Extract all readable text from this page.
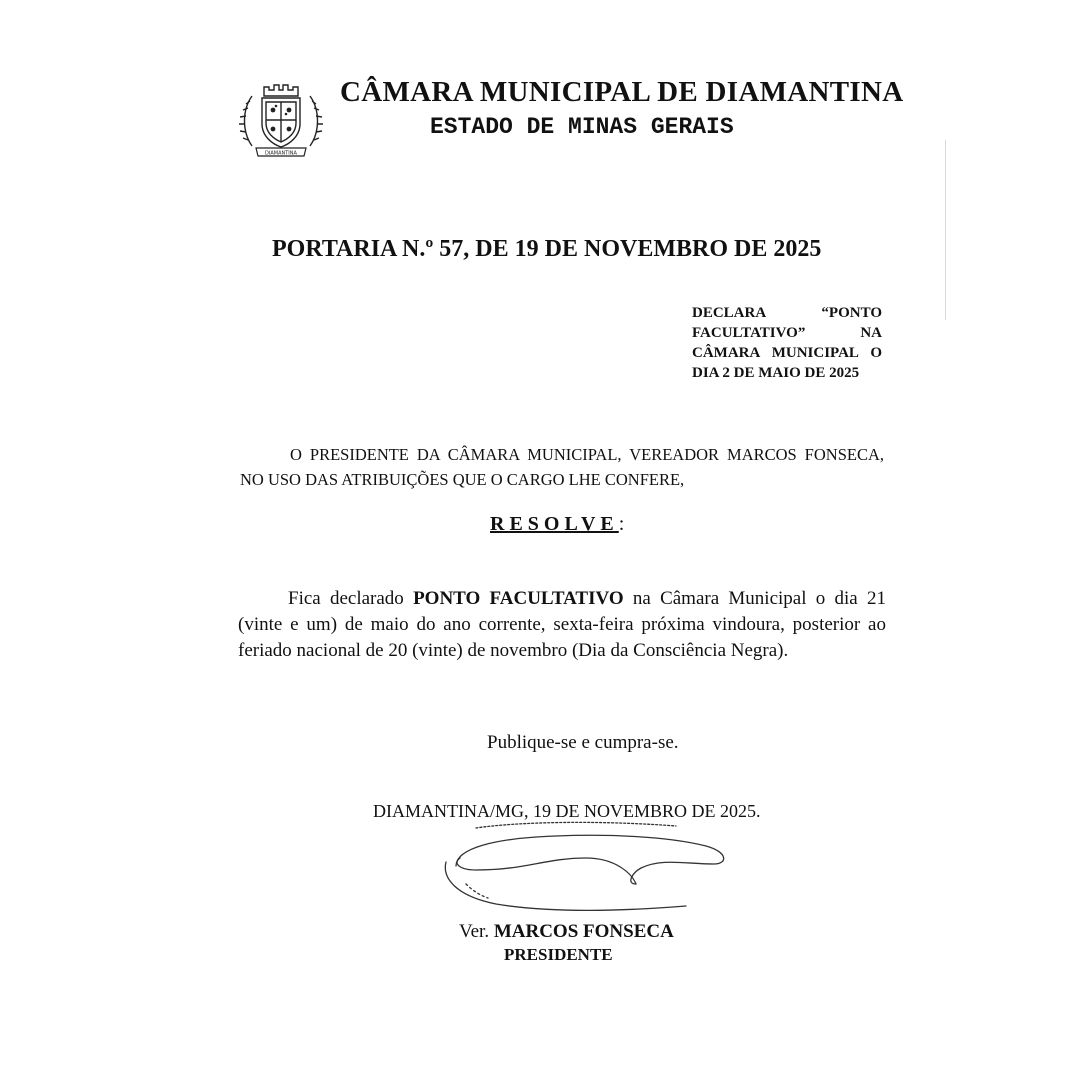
DIAMANTINA
CÂMARA MUNICIPAL DE DIAMANTINA
ESTADO DE MINAS GERAIS
PORTARIA N.º 57, DE 19 DE NOVEMBRO DE 2025
DECLARA “PONTO FACULTATIVO” NA CÂMARA MUNICIPAL O DIA 2 DE MAIO DE 2025
O PRESIDENTE DA CÂMARA MUNICIPAL, VEREADOR MARCOS FONSECA, NO USO DAS ATRIBUIÇÕES QUE O CARGO LHE CONFERE,
RESOLVE:
Fica declarado PONTO FACULTATIVO na Câmara Municipal o dia 21 (vinte e um) de maio do ano corrente, sexta-feira próxima vindoura, posterior ao feriado nacional de 20 (vinte) de novembro (Dia da Consciência Negra).
Publique-se e cumpra-se.
DIAMANTINA/MG, 19 DE NOVEMBRO DE 2025.
Ver. MARCOS FONSECA
PRESIDENTE
